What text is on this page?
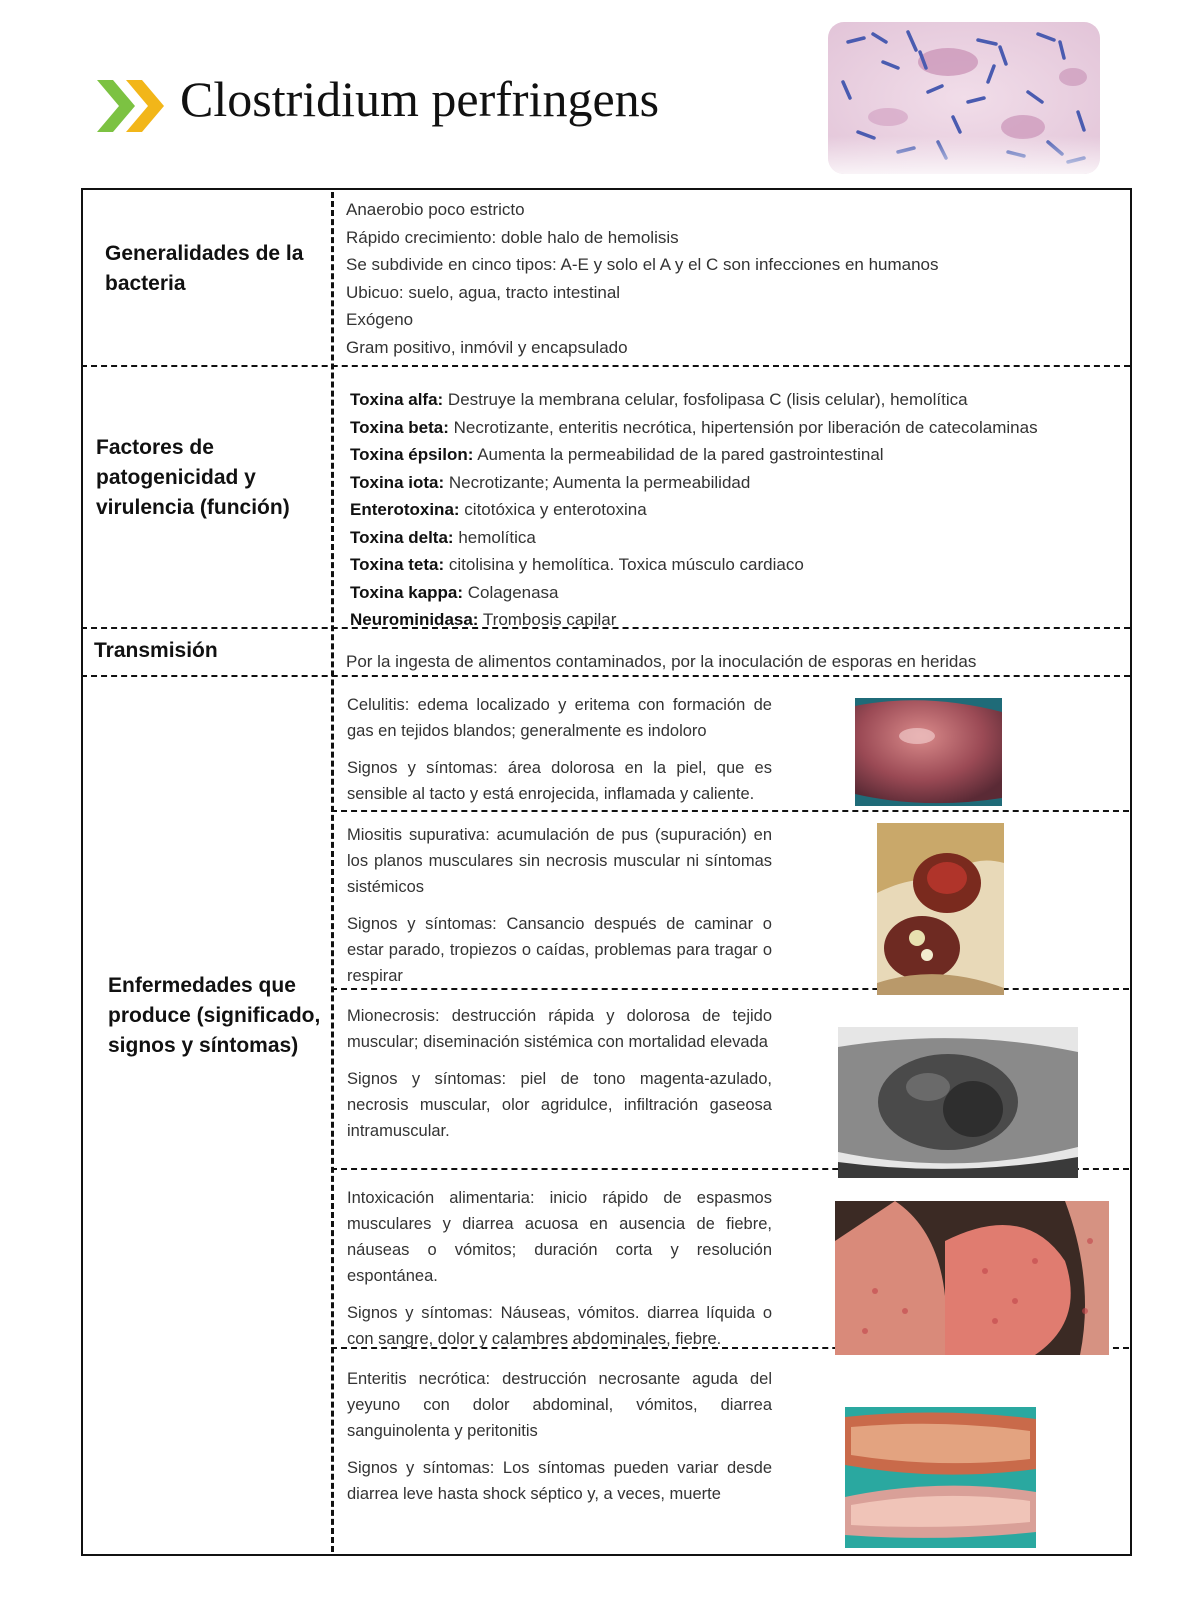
Clostridium perfringens
Generalidades de la bacteria
Factores de patogenicidad y virulencia (función)
Transmisión
Enfermedades que produce (significado, signos y síntomas)
Anaerobio poco estricto
Rápido crecimiento: doble halo de hemolisis
Se subdivide en cinco tipos: A-E y solo el A y el C son infecciones en humanos
Ubicuo: suelo, agua, tracto intestinal
Exógeno
Gram positivo, inmóvil y encapsulado
Toxina alfa: Destruye la membrana celular, fosfolipasa C (lisis celular), hemolítica
Toxina beta: Necrotizante, enteritis necrótica, hipertensión por liberación de catecolaminas
Toxina épsilon: Aumenta la permeabilidad de la pared gastrointestinal
Toxina iota: Necrotizante; Aumenta la permeabilidad
Enterotoxina: citotóxica y enterotoxina
Toxina delta: hemolítica
Toxina teta: citolisina y hemolítica. Toxica músculo cardiaco
Toxina kappa: Colagenasa
Neurominidasa: Trombosis capilar
Por la ingesta de alimentos contaminados, por la inoculación de esporas en heridas

Celulitis: edema localizado y eritema con formación de gas en tejidos blandos; generalmente es indoloro

Signos y síntomas: área dolorosa en la piel, que es sensible al tacto y está enrojecida, inflamada y caliente.

Miositis supurativa: acumulación de pus (supuración) en los planos musculares sin necrosis muscular ni síntomas sistémicos

Signos y síntomas: Cansancio después de caminar o estar parado, tropiezos o caídas, problemas para tragar o respirar

Mionecrosis: destrucción rápida y dolorosa de tejido muscular; diseminación sistémica con mortalidad elevada

Signos y síntomas: piel de tono magenta-azulado, necrosis muscular, olor agridulce, infiltración gaseosa intramuscular.

Intoxicación alimentaria: inicio rápido de espasmos musculares y diarrea acuosa en ausencia de fiebre, náuseas o vómitos; duración corta y resolución espontánea.

Signos y síntomas: Náuseas, vómitos. diarrea líquida o con sangre, dolor y calambres abdominales, fiebre.

Enteritis necrótica: destrucción necrosante aguda del yeyuno con dolor abdominal, vómitos, diarrea sanguinolenta y peritonitis

Signos y síntomas: Los síntomas pueden variar desde diarrea leve hasta shock séptico y, a veces, muerte
